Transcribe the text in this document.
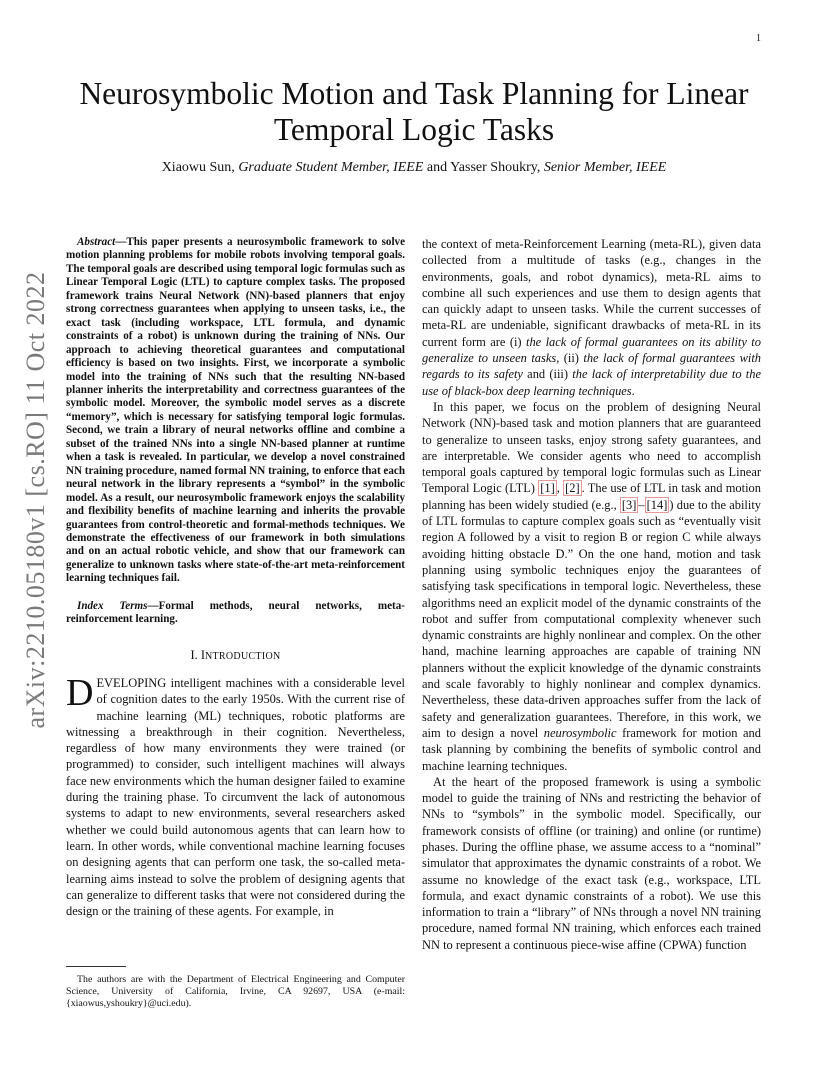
1
arXiv:2210.05180v1 [cs.RO] 11 Oct 2022
Neurosymbolic Motion and Task Planning for Linear Temporal Logic Tasks

Xiaowu Sun, Graduate Student Member, IEEE and Yasser Shoukry, Senior Member, IEEE

Abstract—This paper presents a neurosymbolic framework to solve motion planning problems for mobile robots involving temporal goals. The temporal goals are described using temporal logic formulas such as Linear Temporal Logic (LTL) to capture complex tasks. The proposed framework trains Neural Network (NN)-based planners that enjoy strong correctness guarantees when applying to unseen tasks, i.e., the exact task (including workspace, LTL formula, and dynamic constraints of a robot) is unknown during the training of NNs. Our approach to achieving theoretical guarantees and computational efficiency is based on two insights. First, we incorporate a symbolic model into the training of NNs such that the resulting NN-based planner inherits the interpretability and correctness guarantees of the symbolic model. Moreover, the symbolic model serves as a discrete “memory”, which is necessary for satisfying temporal logic formulas. Second, we train a library of neural networks offline and combine a subset of the trained NNs into a single NN-based planner at runtime when a task is revealed. In particular, we develop a novel constrained NN training procedure, named formal NN training, to enforce that each neural network in the library represents a “symbol” in the symbolic model. As a result, our neurosymbolic framework enjoys the scalability and flexibility benefits of machine learning and inherits the provable guarantees from control-theoretic and formal-methods techniques. We demonstrate the effectiveness of our framework in both simulations and on an actual robotic vehicle, and show that our framework can generalize to unknown tasks where state-of-the-art meta-reinforcement learning techniques fail.

Index Terms—Formal methods, neural networks, meta-reinforcement learning.

I. INTRODUCTION

DEVELOPING intelligent machines with a considerable level of cognition dates to the early 1950s. With the current rise of machine learning (ML) techniques, robotic platforms are witnessing a breakthrough in their cognition. Nevertheless, regardless of how many environments they were trained (or programmed) to consider, such intelligent machines will always face new environments which the human designer failed to examine during the training phase. To circumvent the lack of autonomous systems to adapt to new environments, several researchers asked whether we could build autonomous agents that can learn how to learn. In other words, while conventional machine learning focuses on designing agents that can perform one task, the so-called meta-learning aims instead to solve the problem of designing agents that can generalize to different tasks that were not considered during the design or the training of these agents. For example, in

The authors are with the Department of Electrical Engineering and Computer Science, University of California, Irvine, CA 92697, USA (e-mail: {xiaowus,yshoukry}@uci.edu).

the context of meta-Reinforcement Learning (meta-RL), given data collected from a multitude of tasks (e.g., changes in the environments, goals, and robot dynamics), meta-RL aims to combine all such experiences and use them to design agents that can quickly adapt to unseen tasks. While the current successes of meta-RL are undeniable, significant drawbacks of meta-RL in its current form are (i) the lack of formal guarantees on its ability to generalize to unseen tasks, (ii) the lack of formal guarantees with regards to its safety and (iii) the lack of interpretability due to the use of black-box deep learning techniques.

In this paper, we focus on the problem of designing Neural Network (NN)-based task and motion planners that are guaranteed to generalize to unseen tasks, enjoy strong safety guarantees, and are interpretable. We consider agents who need to accomplish temporal goals captured by temporal logic formulas such as Linear Temporal Logic (LTL) [1] , [2] . The use of LTL in task and motion planning has been widely studied (e.g., [3] – [14] ) due to the ability of LTL formulas to capture complex goals such as “eventually visit region A followed by a visit to region B or region C while always avoiding hitting obstacle D.” On the one hand, motion and task planning using symbolic techniques enjoy the guarantees of satisfying task specifications in temporal logic. Nevertheless, these algorithms need an explicit model of the dynamic constraints of the robot and suffer from computational complexity whenever such dynamic constraints are highly nonlinear and complex. On the other hand, machine learning approaches are capable of training NN planners without the explicit knowledge of the dynamic constraints and scale favorably to highly nonlinear and complex dynamics. Nevertheless, these data-driven approaches suffer from the lack of safety and generalization guarantees. Therefore, in this work, we aim to design a novel neurosymbolic framework for motion and task planning by combining the benefits of symbolic control and machine learning techniques.

At the heart of the proposed framework is using a symbolic model to guide the training of NNs and restricting the behavior of NNs to “symbols” in the symbolic model. Specifically, our framework consists of offline (or training) and online (or runtime) phases. During the offline phase, we assume access to a “nominal” simulator that approximates the dynamic constraints of a robot. We assume no knowledge of the exact task (e.g., workspace, LTL formula, and exact dynamic constraints of a robot). We use this information to train a “library” of NNs through a novel NN training procedure, named formal NN training, which enforces each trained NN to represent a continuous piece-wise affine (CPWA) function
